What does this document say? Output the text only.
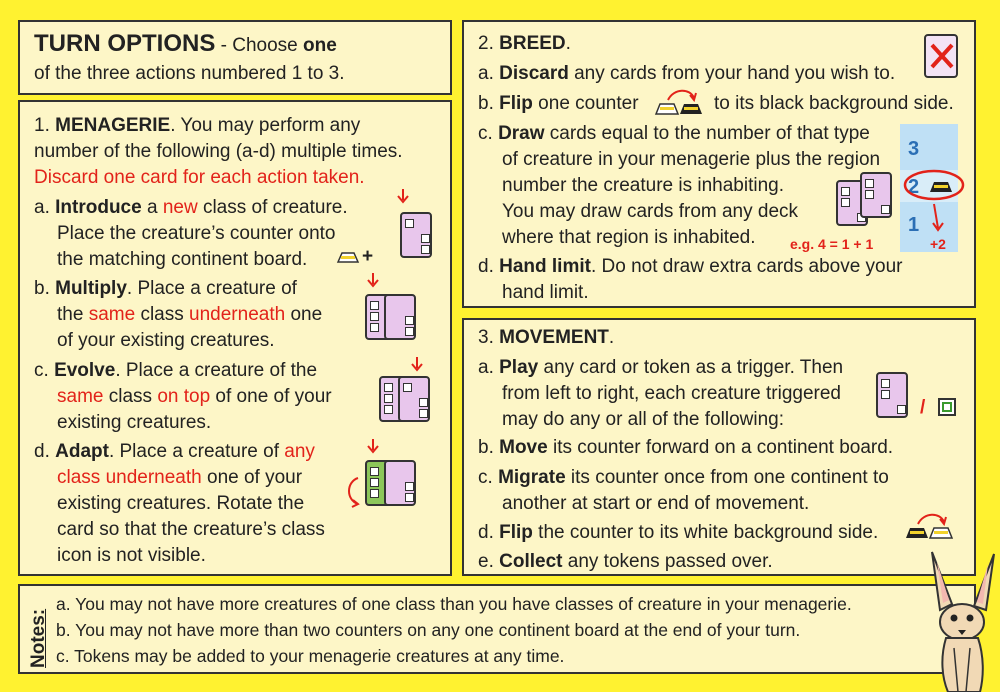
TURN OPTIONS - Choose one
of the three actions numbered 1 to 3.
1. MENAGERIE. You may perform any
number of the following (a-d) multiple times.
Discard one card for each action taken.
a. Introduce a new class of creature.
Place the creature’s counter onto
the matching continent board.
b. Multiply. Place a creature of
the same class underneath one
of your existing creatures.
c. Evolve. Place a creature of the
same class on top of one of your
existing creatures.
d. Adapt. Place a creature of any
class underneath one of your
existing creatures. Rotate the
card so that the creature’s class
icon is not visible.
+
2. BREED.
a. Discard any cards from your hand you wish to.
b. Flip one counter	to its black background side.
c. Draw cards equal to the number of that type
of creature in your menagerie plus the region
number the creature is inhabiting.
You may draw cards from any deck
where that region is inhabited. e.g. 4 = 1 + 1
d. Hand limit. Do not draw extra cards above your
hand limit.
3
2
1
+2
3. MOVEMENT.
a. Play any card or token as a trigger. Then
from left to right, each creature triggered
may do any or all of the following:
b. Move its counter forward on a continent board.
c. Migrate its counter once from one continent to
another at start or end of movement.
d. Flip the counter to its white background side.
e. Collect any tokens passed over.
/
Notes:
a. You may not have more creatures of one class than you have classes of creature in your menagerie.
b. You may not have more than two counters on any one continent board at the end of your turn.
c. Tokens may be added to your menagerie creatures at any time.
